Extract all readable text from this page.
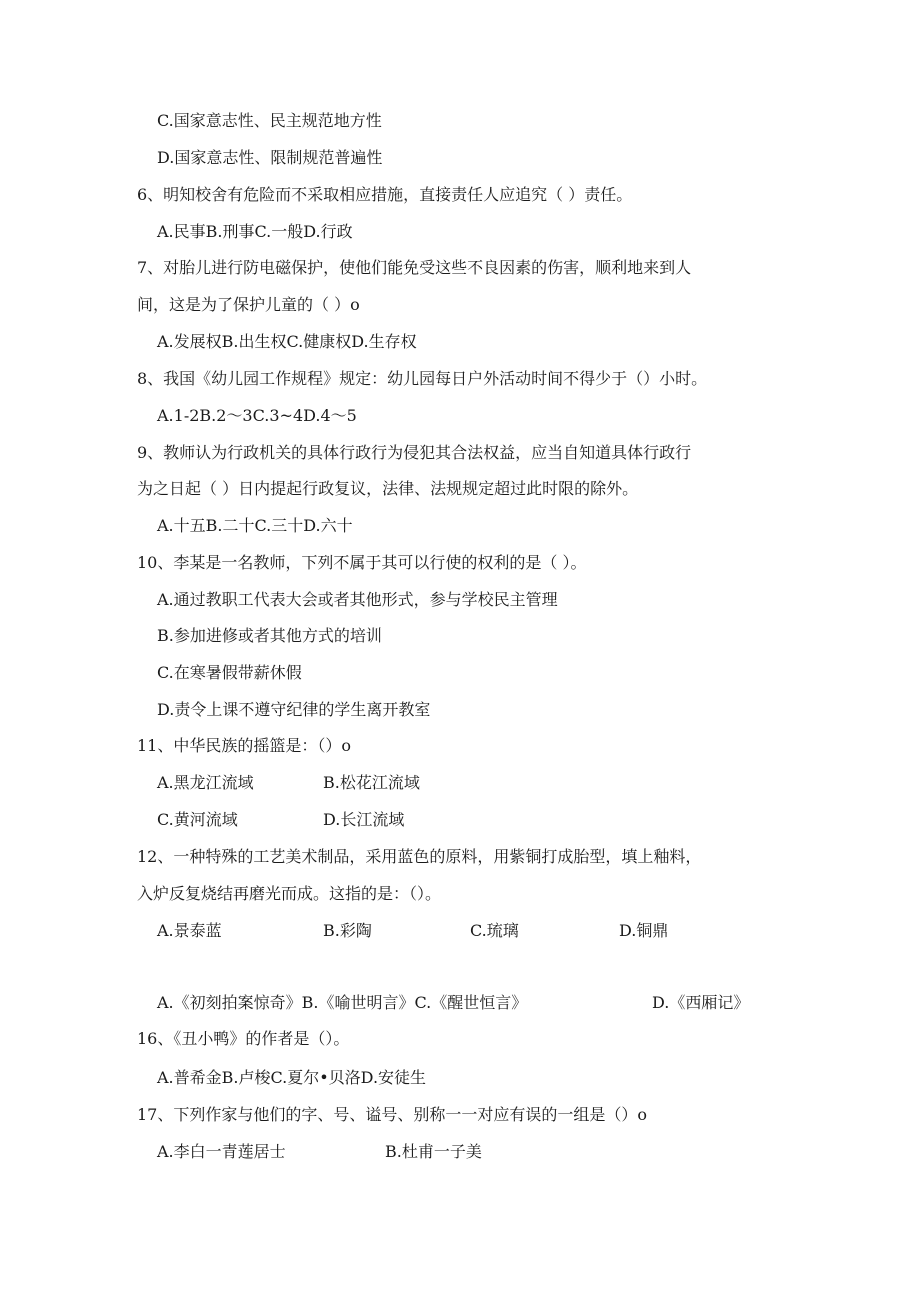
C.国家意志性、民主规范地方性
D.国家意志性、限制规范普遍性
6、明知校舍有危险而不采取相应措施，直接责任人应追究（ ）责任。
A.民事B.刑事C.一般D.行政
7、对胎儿进行防电磁保护，使他们能免受这些不良因素的伤害，顺利地来到人
间，这是为了保护儿童的（ ）o
A.发展权B.出生权C.健康权D.生存权
8、我国《幼儿园工作规程》规定：幼儿园每日户外活动时间不得少于（）小时。
A.1-2B.2～3C.3~4D.4～5
9、教师认为行政机关的具体行政行为侵犯其合法权益，应当自知道具体行政行
为之日起（ ）日内提起行政复议，法律、法规规定超过此时限的除外。
A.十五B.二十C.三十D.六十
10、李某是一名教师，下列不属于其可以行使的权利的是（ ）。
A.通过教职工代表大会或者其他形式，参与学校民主管理
B.参加进修或者其他方式的培训
C.在寒暑假带薪休假
D.责令上课不遵守纪律的学生离开教室
11、中华民族的摇篮是：（）o
A.黑龙江流域	B.松花江流域
C.黄河流域	D.长江流域
12、一种特殊的工艺美术制品，采用蓝色的原料，用紫铜打成胎型，填上釉料，
入炉反复烧结再磨光而成。这指的是：（）。
A.景泰蓝	B.彩陶	C.琉璃	D.铜鼎
A.《初刻拍案惊奇》B.《喻世明言》C.《醒世恒言》	D.《西厢记》
16、《丑小鸭》的作者是（）。
A.普希金B.卢梭C.夏尔•贝洛D.安徒生
17、下列作家与他们的字、号、谥号、别称一一对应有误的一组是（）o
A.李白一青莲居士	B.杜甫一子美
